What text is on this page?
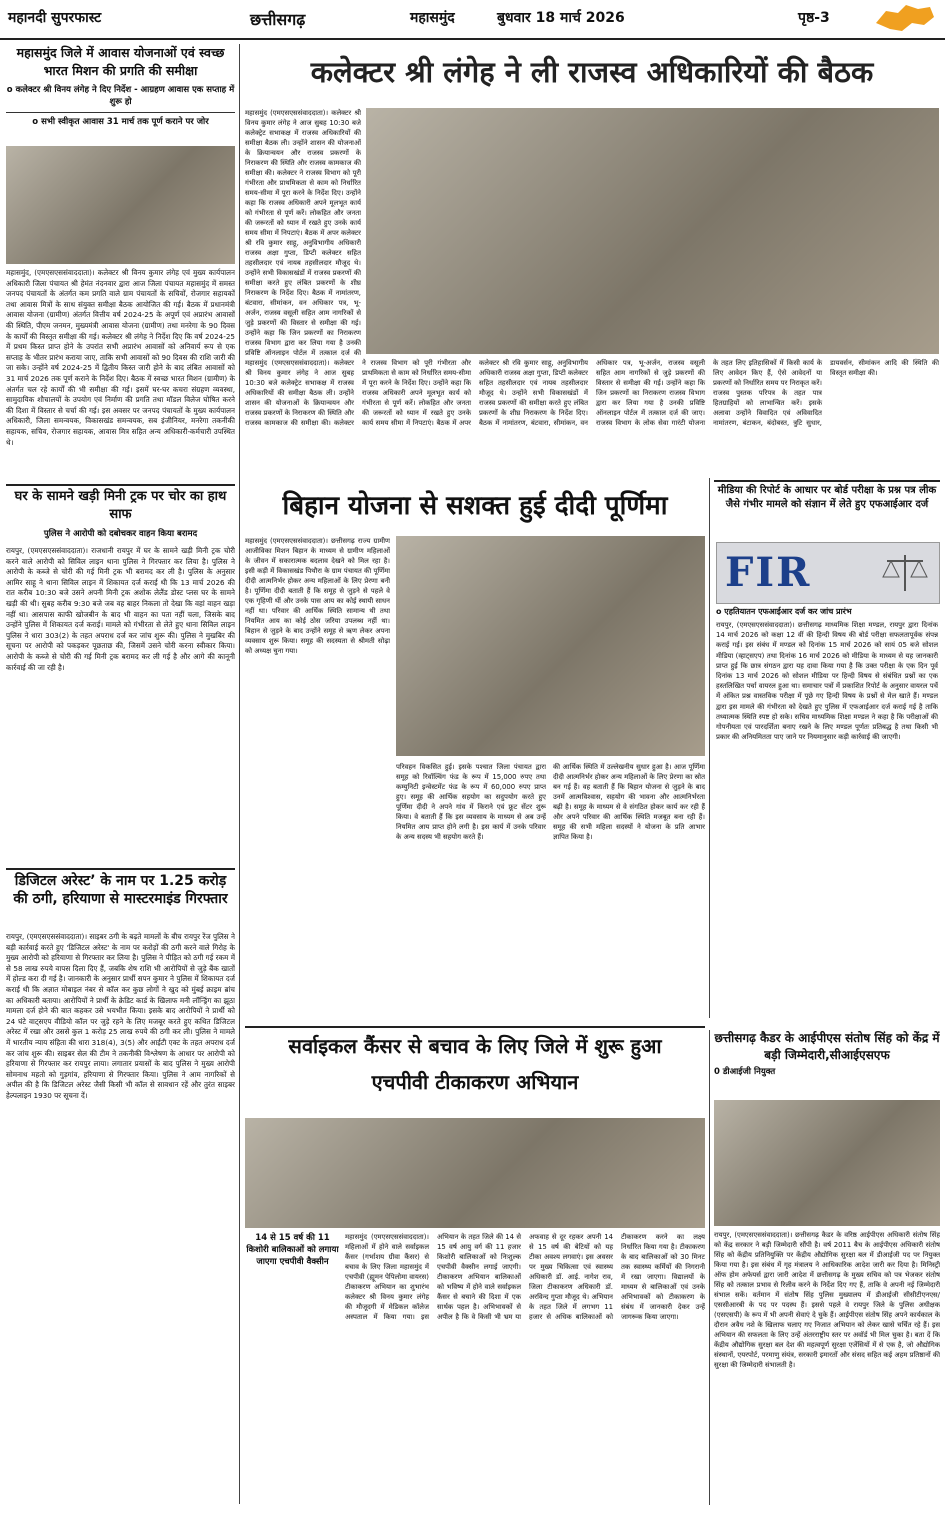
महानदी सुपरफास्ट	छत्तीसगढ़	महासमुंद	बुधवार 18 मार्च 2026	पृष्ठ-3
महासमुंद जिले में आवास योजनाओं एवं स्वच्छ भारत मिशन की प्रगति की समीक्षा
o कलेक्टर श्री विनय लंगेह ने दिए निर्देश - आग्रहण आवास एक सप्ताह में शुरू हो
o सभी स्वीकृत आवास 31 मार्च तक पूर्ण कराने पर जोर
महासमुंद, (एमएसएससंवाददाता)। कलेक्टर श्री विनय कुमार लंगेह एवं मुख्य कार्यपालन अधिकारी जिला पंचायत श्री हेमंत नंदनवार द्वारा आज जिला पंचायत महासमुंद में समस्त जनपद पंचायतों के अंतर्गत कम प्रगति वाले ग्राम पंचायतों के सचिवों, रोजगार सहायकों तथा आवास मित्रों के साथ संयुक्त समीक्षा बैठक आयोजित की गई। बैठक में प्रधानमंत्री आवास योजना (ग्रामीण) अंतर्गत वित्तीय वर्ष 2024-25 के अपूर्ण एवं अप्रारंभ आवासों की स्थिति, पीएम जनमन, मुख्यमंत्री आवास योजना (ग्रामीण) तथा मनरेगा के 90 दिवस के कार्यों की विस्तृत समीक्षा की गई। कलेक्टर श्री लंगेह ने निर्देश दिए कि वर्ष 2024-25 में प्रथम किस्त प्राप्त होने के उपरांत सभी अप्रारंभ आवासों को अनिवार्य रूप से एक सप्ताह के भीतर प्रारंभ कराया जाए, ताकि सभी आवासों को 90 दिवस की राशि जारी की जा सके। उन्होंने वर्ष 2024-25 में द्वितीय किस्त जारी होने के बाद लंबित आवासों को 31 मार्च 2026 तक पूर्ण कराने के निर्देश दिए। बैठक में स्वच्छ भारत मिशन (ग्रामीण) के अंतर्गत चल रहे कार्यों की भी समीक्षा की गई। इसमें घर-घर कचरा संग्रहण व्यवस्था, सामुदायिक शौचालयों के उपयोग एवं निर्माण की प्रगति तथा मॉडल विलेज घोषित करने की दिशा में विस्तार से चर्चा की गई। इस अवसर पर जनपद पंचायतों के मुख्य कार्यपालन अधिकारी, जिला समन्वयक, विकासखंड समन्वयक, सब इंजीनियर, मनरेगा तकनीकी सहायक, सचिव, रोजगार सहायक, आवास मित्र सहित अन्य अधिकारी-कर्मचारी उपस्थित थे।
घर के सामने खड़ी मिनी ट्रक पर चोर का हाथ साफ
पुलिस ने आरोपी को दबोचकर वाहन किया बरामद
रायपुर, (एमएसएससंवाददाता)। राजधानी रायपुर में घर के सामने खड़ी मिनी ट्रक चोरी करने वाले आरोपी को सिविल लाइन थाना पुलिस ने गिरफ्तार कर लिया है। पुलिस ने आरोपी के कब्जे से चोरी की गई मिनी ट्रक भी बरामद कर ली है। पुलिस के अनुसार आमिर साहू ने थाना सिविल लाइन में शिकायत दर्ज कराई थी कि 13 मार्च 2026 की रात करीब 10:30 बजे उसने अपनी मिनी ट्रक अशोक लेलैंड डोस्ट प्लस घर के सामने खड़ी की थी। सुबह करीब 9:30 बजे जब वह बाहर निकला तो देखा कि वहां वाहन खड़ा नहीं था। आसपास काफी खोजबीन के बाद भी वाहन का पता नहीं चला, जिसके बाद उन्होंने पुलिस में शिकायत दर्ज कराई। मामले को गंभीरता से लेते हुए थाना सिविल लाइन पुलिस ने धारा 303(2) के तहत अपराध दर्ज कर जांच शुरू की। पुलिस ने मुखबिर की सूचना पर आरोपी को पकड़कर पूछताछ की, जिसमें उसने चोरी करना स्वीकार किया। आरोपी के कब्जे से चोरी की गई मिनी ट्रक बरामद कर ली गई है और आगे की कानूनी कार्रवाई की जा रही है।
डिजिटल अरेस्ट’ के नाम पर 1.25 करोड़ की ठगी, हरियाणा से मास्टरमाइंड गिरफ्तार
रायपुर, (एमएसएससंवाददाता)। साइबर ठगी के बढ़ते मामलों के बीच रायपुर रेंज पुलिस ने बड़ी कार्रवाई करते हुए 'डिजिटल अरेस्ट' के नाम पर करोड़ों की ठगी करने वाले गिरोह के मुख्य आरोपी को हरियाणा से गिरफ्तार कर लिया है। पुलिस ने पीड़ित को ठगी गई रकम में से 58 लाख रुपये वापस दिला दिए हैं, जबकि शेष राशि भी आरोपियों से जुड़े बैंक खातों में होल्ड करा दी गई है। जानकारी के अनुसार प्रार्थी सपन कुमार ने पुलिस में शिकायत दर्ज कराई थी कि अज्ञात मोबाइल नंबर से कॉल कर कुछ लोगों ने खुद को मुंबई क्राइम ब्रांच का अधिकारी बताया। आरोपियों ने प्रार्थी के क्रेडिट कार्ड के खिलाफ मनी लॉन्ड्रिंग का झूठा मामला दर्ज होने की बात कहकर उसे भयभीत किया। इसके बाद आरोपियों ने प्रार्थी को 24 घंटे वाट्सएप वीडियो कॉल पर जुड़े रहने के लिए मजबूर करते हुए कथित डिजिटल अरेस्ट में रखा और उससे कुल 1 करोड़ 25 लाख रुपये की ठगी कर ली। पुलिस ने मामले में भारतीय न्याय संहिता की धारा 318(4), 3(5) और आईटी एक्ट के तहत अपराध दर्ज कर जांच शुरू की। साइबर सेल की टीम ने तकनीकी विश्लेषण के आधार पर आरोपी को हरियाणा से गिरफ्तार कर रायपुर लाया। लगातार प्रयासों के बाद पुलिस ने मुख्य आरोपी सोमनाथ महतो को गुड़गांव, हरियाणा से गिरफ्तार किया। पुलिस ने आम नागरिकों से अपील की है कि डिजिटल अरेस्ट जैसी किसी भी कॉल से सावधान रहें और तुरंत साइबर हेल्पलाइन 1930 पर सूचना दें।
कलेक्टर श्री लंगेह ने ली राजस्व अधिकारियों की बैठक
महासमुंद (एमएसएससंवाददाता)। कलेक्टर श्री विनय कुमार लंगेह ने आज सुबह 10:30 बजे कलेक्ट्रेट सभाकक्ष में राजस्व अधिकारियों की समीक्षा बैठक ली। उन्होंने शासन की योजनाओं के क्रियान्वयन और राजस्व प्रकरणों के निराकरण की स्थिति और राजस्व कामकाज की समीक्षा की। कलेक्टर ने राजस्व विभाग को पूरी गंभीरता और प्राथमिकता से काम को निर्धारित समय-सीमा में पूरा करने के निर्देश दिए। उन्होंने कहा कि राजस्व अधिकारी अपने मूलभूत कार्य को गंभीरता से पूर्ण करें। लोकहित और जनता की जरूरतों को ध्यान में रखते हुए उनके कार्य समय सीमा में निपटाएं। बैठक में अपर कलेक्टर श्री रवि कुमार साहू, अनुविभागीय अधिकारी राजस्व अक्षा गुप्ता, डिप्टी कलेक्टर सहित तहसीलदार एवं नायब तहसीलदार मौजूद थे। उन्होंने सभी विकासखंडों में राजस्व प्रकरणों की समीक्षा करते हुए लंबित प्रकरणों के शीघ्र निराकरण के निर्देश दिए। बैठक में नामांतरण, बंटवारा, सीमांकन, वन अधिकार पत्र, भू-अर्जन, राजस्व वसूली सहित आम नागरिकों से जुड़े प्रकरणों की विस्तार से समीक्षा की गई। उन्होंने कहा कि जिन प्रकरणों का निराकरण राजस्व विभाग द्वारा कर लिया गया है उनकी प्रविष्टि ऑनलाइन पोर्टल में तत्काल दर्ज की
महासमुंद (एमएसएससंवाददाता)। कलेक्टर श्री विनय कुमार लंगेह ने आज सुबह 10:30 बजे कलेक्ट्रेट सभाकक्ष में राजस्व अधिकारियों की समीक्षा बैठक ली। उन्होंने शासन की योजनाओं के क्रियान्वयन और राजस्व प्रकरणों के निराकरण की स्थिति और राजस्व कामकाज की समीक्षा की। कलेक्टर ने राजस्व विभाग को पूरी गंभीरता और प्राथमिकता से काम को निर्धारित समय-सीमा में पूरा करने के निर्देश दिए। उन्होंने कहा कि राजस्व अधिकारी अपने मूलभूत कार्य को गंभीरता से पूर्ण करें। लोकहित और जनता की जरूरतों को ध्यान में रखते हुए उनके कार्य समय सीमा में निपटाएं। बैठक में अपर कलेक्टर श्री रवि कुमार साहू, अनुविभागीय अधिकारी राजस्व अक्षा गुप्ता, डिप्टी कलेक्टर सहित तहसीलदार एवं नायब तहसीलदार मौजूद थे। उन्होंने सभी विकासखंडों में राजस्व प्रकरणों की समीक्षा करते हुए लंबित प्रकरणों के शीघ्र निराकरण के निर्देश दिए। बैठक में नामांतरण, बंटवारा, सीमांकन, वन अधिकार पत्र, भू-अर्जन, राजस्व वसूली सहित आम नागरिकों से जुड़े प्रकरणों की विस्तार से समीक्षा की गई। उन्होंने कहा कि जिन प्रकरणों का निराकरण राजस्व विभाग द्वारा कर लिया गया है उनकी प्रविष्टि ऑनलाइन पोर्टल में तत्काल दर्ज की जाए। राजस्व विभाग के लोक सेवा गारंटी योजना के तहत लिए इतिहासिकों में किसी कार्य के लिए आवेदन किए हैं, ऐसे आवेदनों या प्रकरणों को निर्धारित समय पर निराकृत करें। राजस्व पुस्तक परिपत्र के तहत पात्र हितग्राहियों को लाभान्वित करें। इसके अलावा उन्होंने विवादित एवं अविवादित नामांतरण, बंटाकन, बंदोबस्त, त्रुटि सुधार, डायवर्सन, सीमांकन आदि की स्थिति की विस्तृत समीक्षा की।
बिहान योजना से सशक्त हुई दीदी पूर्णिमा
महासमुंद (एमएसएससंवाददाता)। छत्तीसगढ़ राज्य ग्रामीण आजीविका मिशन बिहान के माध्यम से ग्रामीण महिलाओं के जीवन में सकारात्मक बदलाव देखने को मिल रहा है। इसी कड़ी में विकासखंड पिथौरा के ग्राम पंचायत की पूर्णिमा दीदी आत्मनिर्भर होकर अन्य महिलाओं के लिए प्रेरणा बनी है। पूर्णिमा दीदी बताती हैं कि समूह से जुड़ने से पहले वे एक गृहिणी थीं और उनके पास आय का कोई स्थायी साधन नहीं था। परिवार की आर्थिक स्थिति सामान्य थी तथा नियमित आय का कोई ठोस जरिया उपलब्ध नहीं था। बिहान से जुड़ने के बाद उन्होंने समूह से ऋण लेकर अपना व्यवसाय शुरू किया। समूह की सदस्यता से श्रीमती सोढ़ा को अध्यक्ष चुना गया।
परिवहन विकसित हुई। इसके पश्चात जिला पंचायत द्वारा समूह को रिवॉल्विंग फंड के रूप में 15,000 रुपए तथा कम्युनिटी इन्वेस्टमेंट फंड के रूप में 60,000 रुपए प्राप्त हुए। समूह की आर्थिक सहयोग का सदुपयोग करते हुए पूर्णिमा दीदी ने अपने गांव में किराने एवं फ्रूट सेंटर शुरू किया। वे बताती हैं कि इस व्यवसाय के माध्यम से अब उन्हें नियमित आय प्राप्त होने लगी है। इस कार्य में उनके परिवार के अन्य सदस्य भी सहयोग करते हैं।
की आर्थिक स्थिति में उल्लेखनीय सुधार हुआ है। आज पूर्णिमा दीदी आत्मनिर्भर होकर अन्य महिलाओं के लिए प्रेरणा का स्रोत बन गई हैं। वह बताती हैं कि बिहान योजना से जुड़ने के बाद उनमें आत्मविश्वास, सहयोग की भावना और आत्मनिर्भरता बढ़ी है। समूह के माध्यम से वे संगठित होकर कार्य कर रही हैं और अपने परिवार की आर्थिक स्थिति मजबूत बना रही हैं। समूह की सभी महिला सदस्यों ने योजना के प्रति आभार ज्ञापित किया है।
मीडिया की रिपोर्ट के आधार पर बोर्ड परीक्षा के प्रश्न पत्र लीक जैसे गंभीर मामले को संज्ञान में लेते हुए एफआईआर दर्ज
FIR
o एहतियातन एफआईआर दर्ज कर जांच प्रारंभ
रायपुर, (एमएसएससंवाददाता)। छत्तीसगढ़ माध्यमिक शिक्षा मण्डल, रायपुर द्वारा दिनांक 14 मार्च 2026 को कक्षा 12 वीं की हिन्दी विषय की बोर्ड परीक्षा सफलतापूर्वक संपन्न कराई गई। इस संबंध में मण्डल को दिनांक 15 मार्च 2026 को सायं 05 बजे सोशल मीडिया (व्हाट्सएप) तथा दिनांक 16 मार्च 2026 को मीडिया के माध्यम से यह जानकारी प्राप्त हुई कि छात्र संगठन द्वारा यह दावा किया गया है कि उक्त परीक्षा के एक दिन पूर्व दिनांक 13 मार्च 2026 को सोशल मीडिया पर हिन्दी विषय से संबंधित प्रश्नों का एक हस्तलिखित पर्चा वायरल हुआ था। समाचार पत्रों में प्रकाशित रिपोर्ट के अनुसार वायरल पर्चे में अंकित प्रश्न वास्तविक परीक्षा में पूछे गए हिन्दी विषय के प्रश्नों से मेल खाते हैं। मण्डल द्वारा इस मामले की गंभीरता को देखते हुए पुलिस में एफआईआर दर्ज कराई गई है ताकि तथ्यात्मक स्थिति स्पष्ट हो सके। सचिव माध्यमिक शिक्षा मण्डल ने कहा है कि परीक्षाओं की गोपनीयता एवं पारदर्शिता बनाए रखने के लिए मण्डल पूर्णतः प्रतिबद्ध है तथा किसी भी प्रकार की अनियमितता पाए जाने पर नियमानुसार कड़ी कार्रवाई की जाएगी।
सर्वाइकल कैंसर से बचाव के लिए जिले में शुरू हुआ
एचपीवी टीकाकरण अभियान
14 से 15 वर्ष की 11 किशोरी बालिकाओं को लगाया जाएगा एचपीवी वैक्सीन
महासमुंद (एमएसएससंवाददाता)। महिलाओं में होने वाले सर्वाइकल कैंसर (गर्भाशय ग्रीवा कैंसर) से बचाव के लिए जिला महासमुंद में एचपीवी (ह्यूमन पेपिलोमा वायरस) टीकाकरण अभियान का शुभारंभ कलेक्टर श्री विनय कुमार लंगेह की मौजूदगी में मेडिकल कॉलेज अस्पताल में किया गया। इस अभियान के तहत जिले की 14 से 15 वर्ष आयु वर्ग की 11 हजार किशोरी बालिकाओं को निःशुल्क एचपीवी वैक्सीन लगाई जाएगी। टीकाकरण अभियान बालिकाओं को भविष्य में होने वाले सर्वाइकल कैंसर से बचाने की दिशा में एक सार्थक पहल है। अभिभावकों से अपील है कि वे किसी भी भ्रम या अफवाह से दूर रहकर अपनी 14 से 15 वर्ष की बेटियों को यह टीका अवश्य लगवाएं। इस अवसर पर मुख्य चिकित्सा एवं स्वास्थ्य अधिकारी डॉ. आई. नागेश राव, जिला टीकाकरण अधिकारी डॉ. अरविन्द गुप्ता मौजूद थे। अभियान के तहत जिले में लगभग 11 हजार से अधिक बालिकाओं को टीकाकरण करने का लक्ष्य निर्धारित किया गया है। टीकाकरण के बाद बालिकाओं को 30 मिनट तक स्वास्थ्य कर्मियों की निगरानी में रखा जाएगा। विद्यालयों के माध्यम से बालिकाओं एवं उनके अभिभावकों को टीकाकरण के संबंध में जानकारी देकर उन्हें जागरूक किया जाएगा।
छत्तीसगढ़ कैडर के आईपीएस संतोष सिंह को केंद्र में बड़ी जिम्मेदारी,सीआईएसएफ
0 डीआईजी नियुक्त
रायपुर, (एमएसएससंवाददाता)। छत्तीसगढ़ कैडर के वरिष्ठ आईपीएस अधिकारी संतोष सिंह को केंद्र सरकार ने बड़ी जिम्मेदारी सौंपी है। वर्ष 2011 बैच के आईपीएस अधिकारी संतोष सिंह को केंद्रीय प्रतिनियुक्ति पर केंद्रीय औद्योगिक सुरक्षा बल में डीआईजी पद पर नियुक्त किया गया है। इस संबंध में गृह मंत्रालय ने आधिकारिक आदेश जारी कर दिया है। मिनिस्ट्री ऑफ होम अफेयर्स द्वारा जारी आदेश में छत्तीसगढ़ के मुख्य सचिव को पत्र भेजकर संतोष सिंह को तत्काल प्रभाव से रिलीव करने के निर्देश दिए गए हैं, ताकि वे अपनी नई जिम्मेदारी संभाल सकें। वर्तमान में संतोष सिंह पुलिस मुख्यालय में डीआईजी सीसीटीएनएस/एससीआरबी के पद पर पदस्थ हैं। इससे पहले वे रायपुर जिले के पुलिस अधीक्षक (एसएसपी) के रूप में भी अपनी सेवाएं दे चुके हैं। आईपीएस संतोष सिंह अपने कार्यकाल के दौरान अवैध नशे के खिलाफ चलाए गए निजात अभियान को लेकर खासे चर्चित रहे हैं। इस अभियान की सफलता के लिए उन्हें अंतरराष्ट्रीय स्तर पर अवॉर्ड भी मिल चुका है। बता दें कि केंद्रीय औद्योगिक सुरक्षा बल देश की महत्वपूर्ण सुरक्षा एजेंसियों में से एक है, जो औद्योगिक संस्थानों, एयरपोर्ट, परमाणु संयंत्र, सरकारी इमारतों और संसद सहित कई अहम प्रतिष्ठानों की सुरक्षा की जिम्मेदारी संभालती है।
